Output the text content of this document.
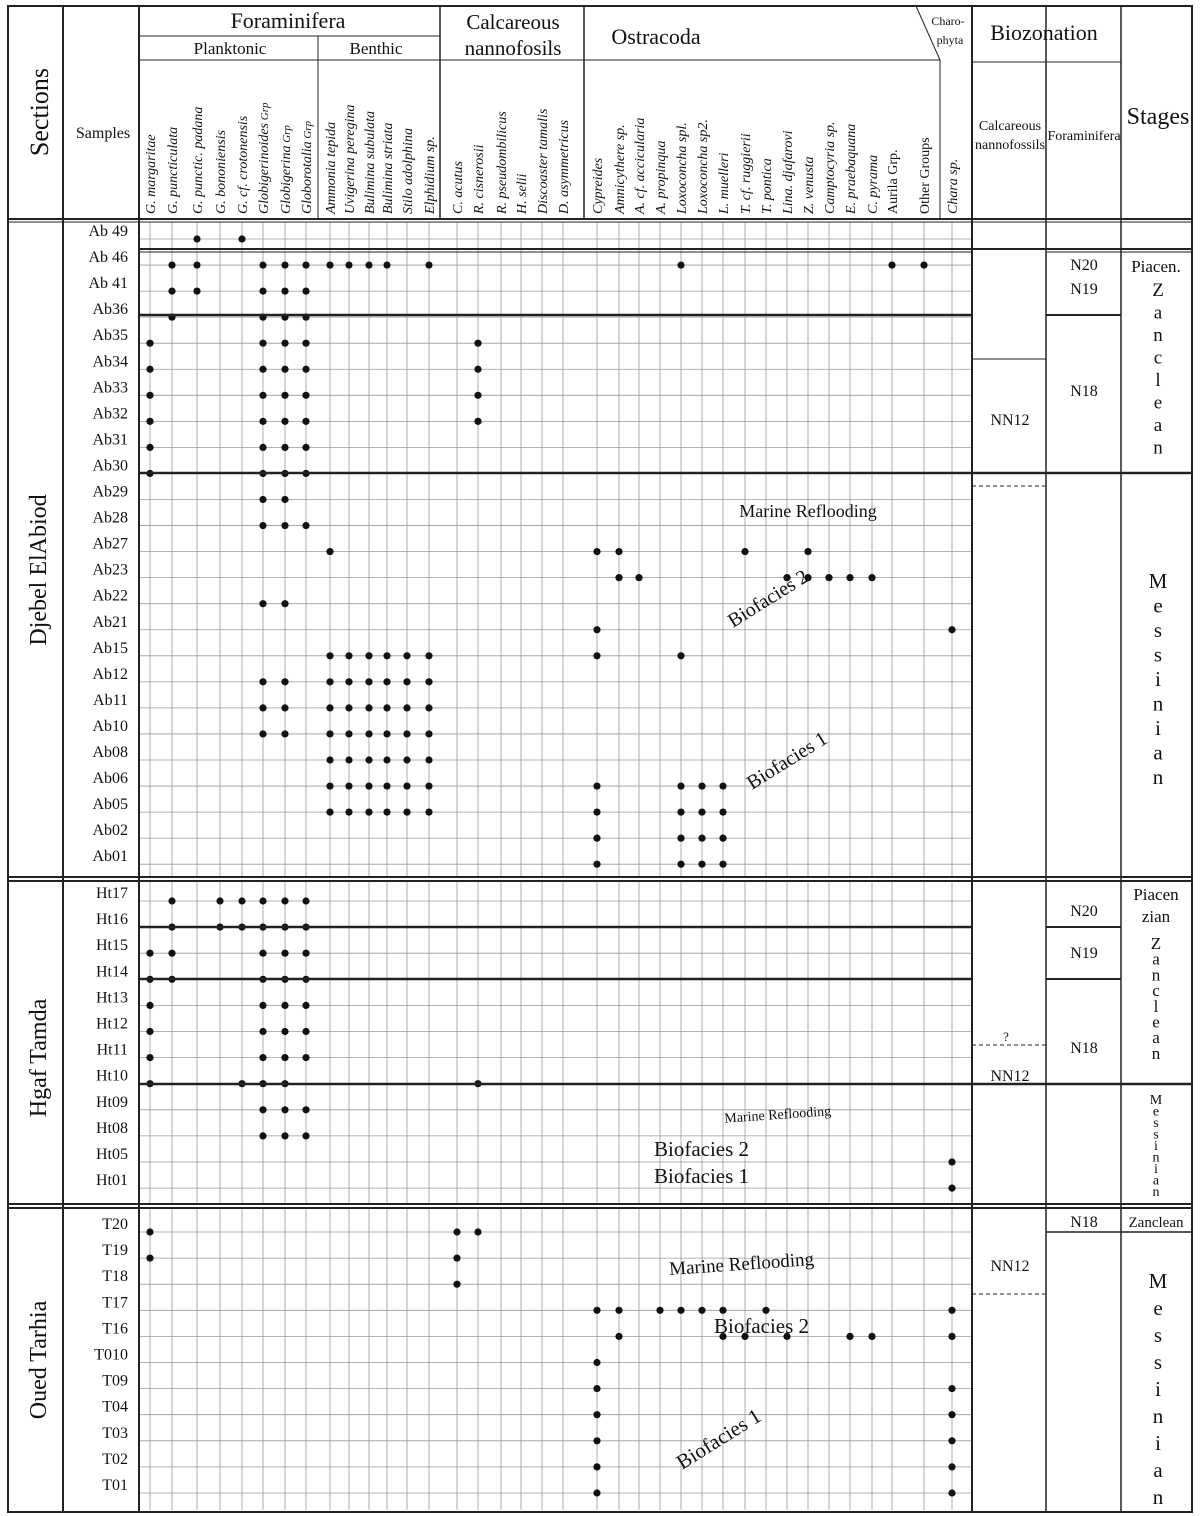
Sections Samples
Foraminifera
Planktonic	Benthic
Calcareous
nannofosils Ostracoda
Charo-
phyta Biozonation
Calcareous
nannofossils
Foraminifera
Stages
G. margaritae G. puncticulata G. punctic. padana G. bononiensis G. cf. crotonensis Globigerinoides Grp
Globigerina Grp
Globorotalia Grp Ammonia tepida Uvigerina peregina Bulimina subulata Bulimina striata Stilo adolphina Elphidium sp. C. acutus R. cisnerosii R. pseudombilicus H. selii Discoaster tamalis D. asymmetricus Cypreides Amnicythere sp. A. cf. accicularia A. propinqua Loxoconcha spl. Loxoconcha sp2. L. muelleri T. cf. ruggierii T. pontica Lina. djafarovi Z. venusta Camptocyria sp. E. praebaquana C. pyrama Aurila Grp. Other Groups Chara sp.
Djebel ElAbiod
Ab 49
Ab 46
Ab 41
Ab36
Ab35
Ab34
Ab33
Ab32
Ab31
Ab30
Ab29
Ab28
Ab27
Ab23
Ab22
Ab21
Ab15
Ab12
Ab11
Ab10
Ab08
Ab06
Ab05
Ab02
Ab01
Hgaf Tamda
Ht17
Ht16
Ht15
Ht14
Ht13
Ht12
Ht11
Ht10
Ht09
Ht08
Ht05
Ht01
Oued Tarhia
T20
T19
T18
T17
T16
T010
T09
T04
T03
T02
T01
N20
N19
N18
NN12
Piacen.
N20
N19
N18
NN12
?
Piacen
zian
N18
NN12
Zanclean
Z a n c l e a n
M e s s i n i a n
Z a n c l e a n
M e s s i n i a n
M e s s i n i a n
Marine Reflooding
Biofacies 2
Biofacies 1
Marine Reflooding
Biofacies 2
Biofacies 1
Marine Reflooding
Biofacies 2
Biofacies 1
